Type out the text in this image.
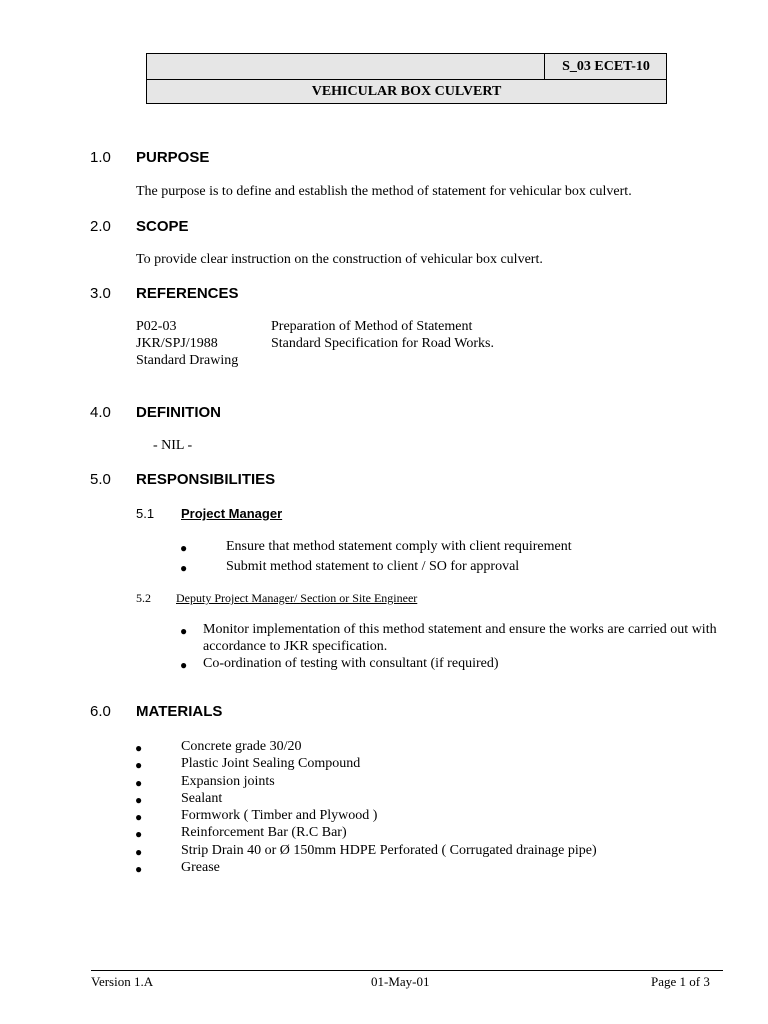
S_03 ECET-10
VEHICULAR BOX CULVERT
1.0 PURPOSE
The purpose is to define and establish the method of statement for vehicular box culvert.
2.0 SCOPE
To provide clear instruction on the construction of vehicular box culvert.
3.0 REFERENCES
P02-03	Preparation of Method of Statement
JKR/SPJ/1988	Standard Specification for Road Works.
Standard Drawing
4.0 DEFINITION
- NIL -
5.0 RESPONSIBILITIES
5.1 Project Manager
●	Ensure that method statement comply with client requirement
●	Submit method statement to client / SO for approval
5.2 Deputy Project Manager/ Section or Site Engineer
● Monitor implementation of this method statement and ensure the works are carried out with
accordance to JKR specification.
● Co-ordination of testing with consultant (if required)
6.0 MATERIALS
●	Concrete grade 30/20
●	Plastic Joint Sealing Compound
●	Expansion joints
●	Sealant
●	Formwork ( Timber and Plywood )
●	Reinforcement Bar (R.C Bar)
●	Strip Drain 40 or Ø 150mm HDPE Perforated ( Corrugated drainage pipe)
●	Grease
Version 1.A	01-May-01	Page 1 of 3
